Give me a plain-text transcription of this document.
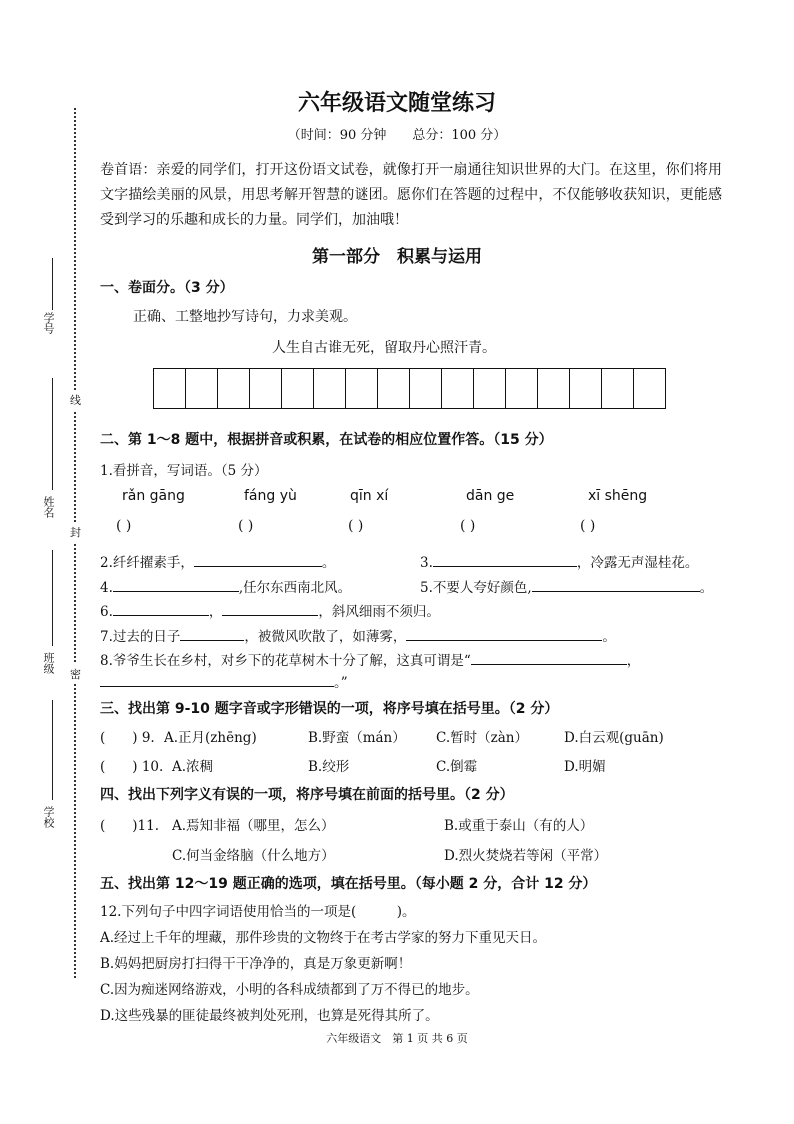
学号
姓名
班级
学校
线
封
密
六年级语文随堂练习
（时间：90 分钟　　总分：100 分）
卷首语：亲爱的同学们，打开这份语文试卷，就像打开一扇通往知识世界的大门。在这里，你们将用文字描绘美丽的风景，用思考解开智慧的谜团。愿你们在答题的过程中，不仅能够收获知识，更能感受到学习的乐趣和成长的力量。同学们，加油哦！
第一部分　积累与运用
一、卷面分。（3 分）
正确、工整地抄写诗句，力求美观。
人生自古谁无死，留取丹心照汗青。
二、第 1～8 题中，根据拼音或积累，在试卷的相应位置作答。（15 分）
1.看拼音，写词语。（5 分）
rǎn gāng	fáng yù	qīn xí	dān ge	xī shēng
( )	( )	( )	( )	( )
2.纤纤擢素手，	。	3.	，冷露无声湿桂花。
4.	,任尔东西南北风。	5.不要人夸好颜色,	。
6.	，	，斜风细雨不须归。
7.过去的日子	，被微风吹散了，如薄雾，	。
8.爷爷生长在乡村，对乡下的花草树木十分了解，这真可谓是“	，
。”
三、找出第 9-10 题字音或字形错误的一项，将序号填在括号里。（2 分）
(　　) 9. A.正月(zhēng)	B.野蛮（mán） C.暂时（zàn）	D.白云观(guān)
(　　) 10. A.浓稠	B.绞形	C.倒霉	D.明媚
四、找出下列字义有误的一项，将序号填在前面的括号里。（2 分）
(　　)11. A.焉知非福（哪里，怎么）	B.或重于泰山（有的人）
C.何当金络脑（什么地方）	D.烈火焚烧若等闲（平常）
五、找出第 12～19 题正确的选项，填在括号里。（每小题 2 分，合计 12 分）
12.下列句子中四字词语使用恰当的一项是(　　　)。
A.经过上千年的埋藏，那件珍贵的文物终于在考古学家的努力下重见天日。
B.妈妈把厨房打扫得干干净净的，真是万象更新啊！
C.因为痴迷网络游戏，小明的各科成绩都到了万不得已的地步。
D.这些残暴的匪徒最终被判处死刑，也算是死得其所了。
六年级语文　第 1 页 共 6 页
